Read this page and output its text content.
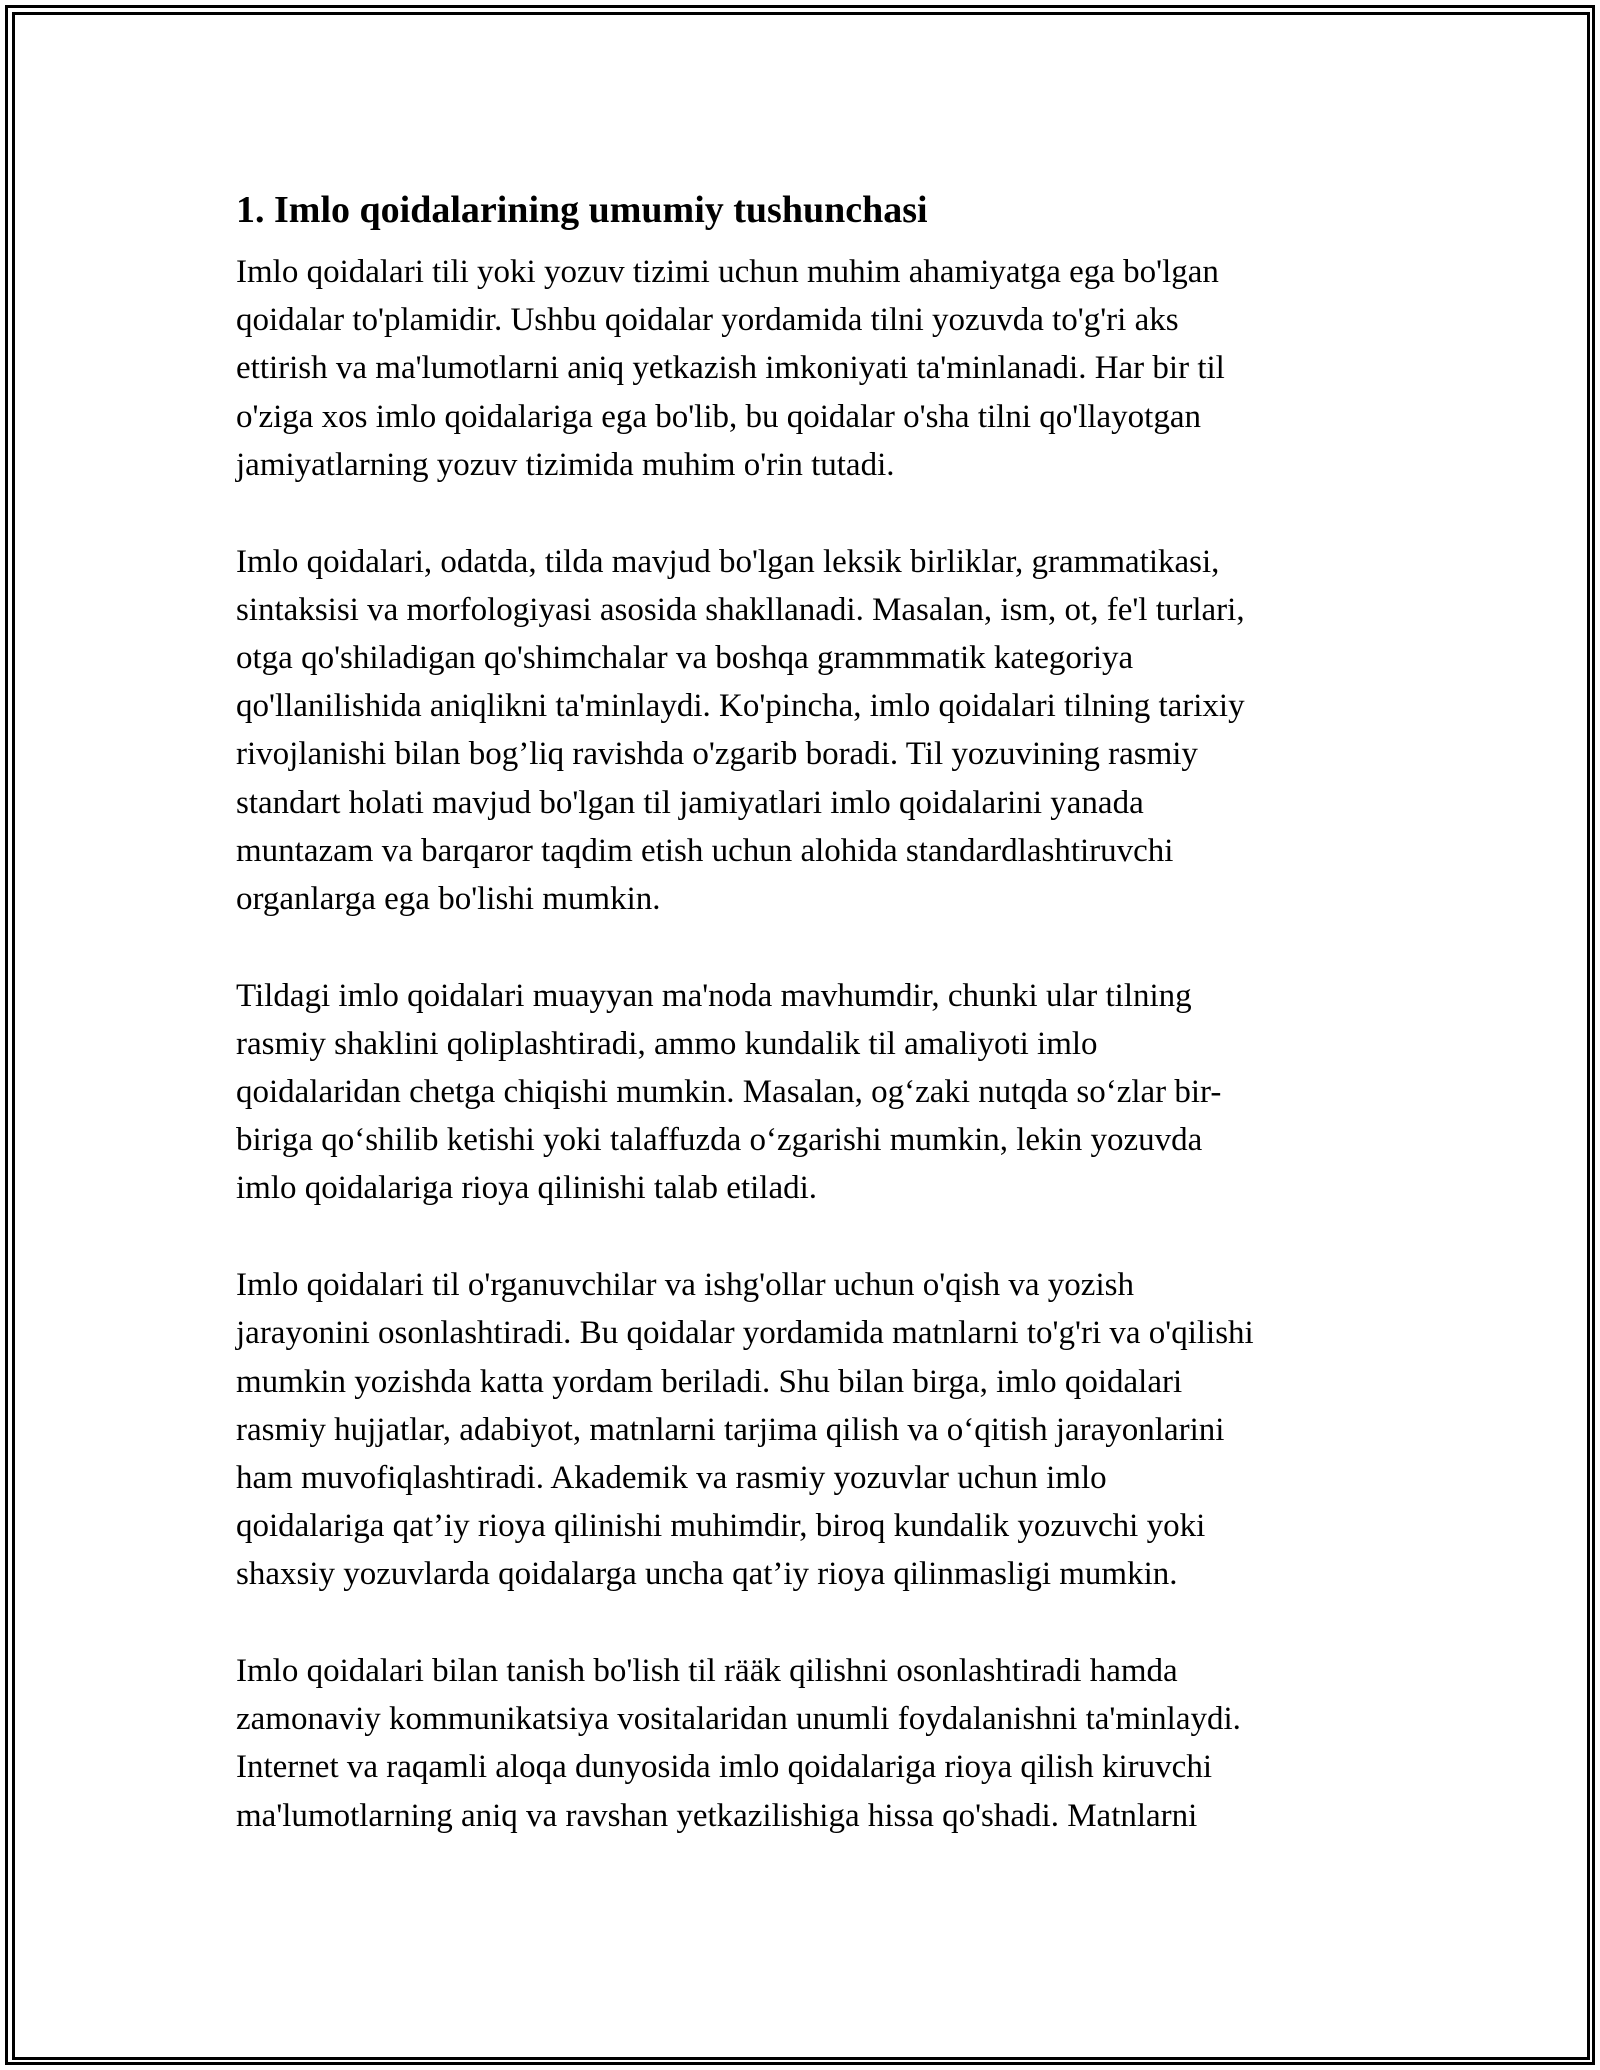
1. Imlo qoidalarining umumiy tushunchasi

Imlo qoidalari tili yoki yozuv tizimi uchun muhim ahamiyatga ega bo'lgan
qoidalar to'plamidir. Ushbu qoidalar yordamida tilni yozuvda to'g'ri aks
ettirish va ma'lumotlarni aniq yetkazish imkoniyati ta'minlanadi. Har bir til
o'ziga xos imlo qoidalariga ega bo'lib, bu qoidalar o'sha tilni qo'llayotgan
jamiyatlarning yozuv tizimida muhim o'rin tutadi.

Imlo qoidalari, odatda, tilda mavjud bo'lgan leksik birliklar, grammatikasi,
sintaksisi va morfologiyasi asosida shakllanadi. Masalan, ism, ot, fe'l turlari,
otga qo'shiladigan qo'shimchalar va boshqa grammmatik kategoriya
qo'llanilishida aniqlikni ta'minlaydi. Ko'pincha, imlo qoidalari tilning tarixiy
rivojlanishi bilan bog’liq ravishda o'zgarib boradi. Til yozuvining rasmiy
standart holati mavjud bo'lgan til jamiyatlari imlo qoidalarini yanada
muntazam va barqaror taqdim etish uchun alohida standardlashtiruvchi
organlarga ega bo'lishi mumkin.

Tildagi imlo qoidalari muayyan ma'noda mavhumdir, chunki ular tilning
rasmiy shaklini qoliplashtiradi, ammo kundalik til amaliyoti imlo
qoidalaridan chetga chiqishi mumkin. Masalan, og‘zaki nutqda so‘zlar bir-
biriga qo‘shilib ketishi yoki talaffuzda o‘zgarishi mumkin, lekin yozuvda
imlo qoidalariga rioya qilinishi talab etiladi.

Imlo qoidalari til o'rganuvchilar va ishg'ollar uchun o'qish va yozish
jarayonini osonlashtiradi. Bu qoidalar yordamida matnlarni to'g'ri va o'qilishi
mumkin yozishda katta yordam beriladi. Shu bilan birga, imlo qoidalari
rasmiy hujjatlar, adabiyot, matnlarni tarjima qilish va o‘qitish jarayonlarini
ham muvofiqlashtiradi. Akademik va rasmiy yozuvlar uchun imlo
qoidalariga qat’iy rioya qilinishi muhimdir, biroq kundalik yozuvchi yoki
shaxsiy yozuvlarda qoidalarga uncha qat’iy rioya qilinmasligi mumkin.

Imlo qoidalari bilan tanish bo'lish til rääk qilishni osonlashtiradi hamda
zamonaviy kommunikatsiya vositalaridan unumli foydalanishni ta'minlaydi.
Internet va raqamli aloqa dunyosida imlo qoidalariga rioya qilish kiruvchi
ma'lumotlarning aniq va ravshan yetkazilishiga hissa qo'shadi. Matnlarni
